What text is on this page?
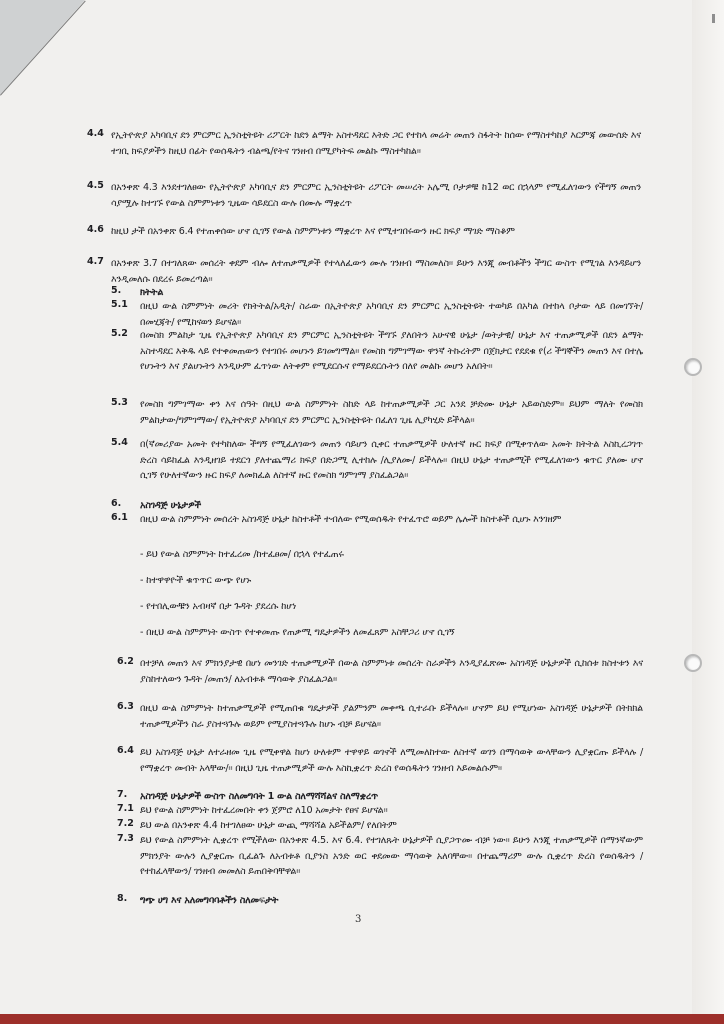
4.4 የኢትዮጵያ አካባቢና ደን ምርምር ኢንስቲትዩት ሪፖርት ከደን ልማት አስተዳደር እትድ ጋር የተከላ መሬት መጠን ስፋትት ከሰው የማስተካከያ እርምጃ መውሰድ እና ተገቢ ክፍያዎችን ከዚህ በፊት የወሰዱትን ብልጫ/የትና ገንዘብ በሚያካትፍ መልኩ ማስተካከል፡፡

4.5 በአንቀጽ 4.3 እንደተገለፀው የኢትዮጵያ አካባቢና ደን ምርምር ኢንስቲትዩት ሪፖርት መሠረት አሌሚ ቦታዎቹ ከ12 ወር በኋላም የሚፈለገውን የችግኝ መጠን ሳያሟሉ ከተገኙ የውል ስምምነቱን ጊዜው ሳይደርስ ውሉ በሙሉ ማቋረጥ

4.6 ከዚህ ታች በአንቀጽ 6.4 የተጠቀሰው ሆኖ ሲገኝ የውል ስምምነቱን ማቋረጥ እና የሚተገበሩውን ዙር ክፍያ ማገድ ማስቆም

4.7 በአንቀጽ 3.7 በተገለጸው መሰረት ቀደም ብሎ ለተጠቃሚዎች የተላለፈውን ሙሉ ገንዘብ ማስመለስ፡፡ ይሁን እንጂ መብቶችን ችግር ውስጥ የሚገል እንዳይሆን እንዲመለሱ በደረሩ ይመረጣል፡፡

5. ክትትል

5.1 በዚህ ውል ስምምነት መሪት የክትትል/አዲት/ ስራው በኢትዮጵያ አካባቢና ደን ምርምር ኢንስቲትዩት ተወካይ በአካል በተከላ ቦታው ላይ በመገኘት/በመሂጃት/ የሚከናወን ይሆናል፡፡

5.2 በመስክ ምልከታ ጊዜ የኢትዮጵያ አካባቢና ደን ምርምር ኢንስቲትዩት ችግኙ ያለበትን አሁናዊ ሁኔታ /ወትታዊ/ ሁኔታ እና ተጠቃሚዎች በደን ልማት አስተዳደር እቅዱ ላይ የተቀመጠውን የተገበሩ መሆኑን ይገመግማል፡፡ የመስክ ግምገማው ዋንኛ ትኩረትም በጀክታር የደደቁ የ(ሪ ችግኞችን መጠን እና በተሌ የሆኑትን እና ያልሆኑትን እንዲሁም ፈጥነው ለትቀም የሚደርሱና የማይደርሱትን በለየ መልኩ መሆን አለበት፡፡

5.3 የመስክ ግምገማው ቀን እና ሰዓት በዚህ ውል ስምምነት ስከድ ላይ ከተጠቃሚዎች ጋር አንደ ቻድሙ ሁኔታ አይወስድም፡፡ ይህም ማለት የመስክ ምልከታው/ግምገማው/ የኢትዮጵያ አካባቢና ደን ምርምር ኢንስቲትዩት በፈለገ ጊዜ ሊያካሂድ ይችላል፡፡

5.4 በ(ኛመሪያው አመት የተካከለው ችግኝ የሚፈለገውን መጠን ሳይሆን ሲቀር ተጠቃሚዎች ሁለተኛ ዙር ክፍያ በሚቀጥለው አመት ክትትል እስኪረጋገጥ ድረስ ሳይከፈል እንዲዘገይ ተደርጎ ያለተጨማሪ ክፍያ በድጋሚ ሊተከሉ /ሊያለሙ/ ይችላሉ፡፡ በዚህ ሁኔታ ተጠቃሚች የሚፈለገውን ቁጥር ያለሙ ሆኖ ሲገኝ የሁለተኛውን ዙር ክፍያ ለመክፈል ለስተኛ ዙር የመስክ ግምገማ ያስፈልጋል፡፡

6. አስገዳጅ ሁኔታዎች

6.1 በዚህ ውል ስምምነት መሰረት አስገዳጅ ሁኔታ ከስተቶች ተብለው የሚወሰዱት የተፈጥሮ ወይም ሌሎች ክስተቶች ሲሆኑ እንገዘም

- ይህ የውል ስምምነት ከተፈረመ /ከተፈፀመ/ በኋላ የተፈጠሩ
- ከተዋዋዮች ቁጥጥር ውጭ የሆኑ
- የተበሊውቹን አብዛኛ በታ ጉዳት ያደረሱ ከሆነ
- በዚህ ውል ስምምነት ውስጥ የተቀመጡ የጠቃሚ ግዴታዎችን ለመፈጸም አስቸጋሪ ሆኖ ሲገኝ
6.2 በተቻለ መጠን እና ምክንያታዊ በሆነ መንገድ ተጠቃሚዎች በውል ስምምነቱ መሰረት ስራዎችን እንዲያፈጽሙ አስገዳጅ ሁኔታዎች ሲከሰቱ ክስተቱን እና ያስከተለውን ጉዳት /መጠን/ ለአብቱቶ ማሳወቅ ያስፈልጋል፡፡

6.3 በዚህ ውል ስምምነት ከተጠቃሚዎች የሚጠበቁ ግዴታዎች ያልምንም መቀጫ ሲተራቡ ይችላሉ፡፡ ሆኖም ይህ የሚሆነው አስገዳጅ ሁኔታዎች በትክክል ተጠቃሚዎችን ስራ ያስተጓጉሉ ወይም የሚያስተጓጉሉ ከሆኑ ብቻ ይሆናል፡፡

6.4 ይህ አስገዳጅ ሁኔታ ለተራዘመ ጊዜ የሚቀዋል ከሆነ ሁለቱም ተዋዋይ ወገኖች ለሚመለከተው ለስተኛ ወገን በማሳወቅ ውላቸውን ሊያቋርጡ ይችላሉ /የማቋረጥ መብት አላቸው/፡፡ በዚህ ጊዜ ተጠቃሚዎች ውሉ እስኪቋረጥ ድረስ የወሰዱትን ገንዘብ እይመልሱም፡፡

7. አስገዳጅ ሁኔታዎች ውስጥ ስለመግባት 1 ውል ስለማሻሻልና ስለማቋረጥ

7.1 ይህ የውል ስምምነት ከተፈረመበት ቀን ጀምሮ ለ10 አመታት የፀና ይሆናል፡፡

7.2 ይህ ውል በአንቀጽ 4.4 ከተገለፀው ሁኔታ ውጪ ማሻሻል አይችልም/ የለበትም

7.3 ይህ የውል ስምምነት ሊቋረጥ የሚችለው በአንቀጽ 4.5. እና 6.4. የተገለጹት ሁኔታዎች ሲያጋጥሙ ብቻ ነው፡፡ ይሁን እንጂ ተጠቃሚዎች በማንኛውም ምክንያት ውሉን ሊያቋርጡ ቢፈልጉ ለአብቱቶ ቢያንስ አንድ ወር ቀደመው ማሳወቅ አለባቸው፡፡ በተጨማሪም ውሉ ሲቋረጥ ድረስ የወሰዱትን /የተከፈላቸውን/ ገንዘብ መመለስ ይጠበቅባቸዋል፡፡

8. ግጭ ሀግ እና አለመግባባቶችን ስለመፍታት

3
